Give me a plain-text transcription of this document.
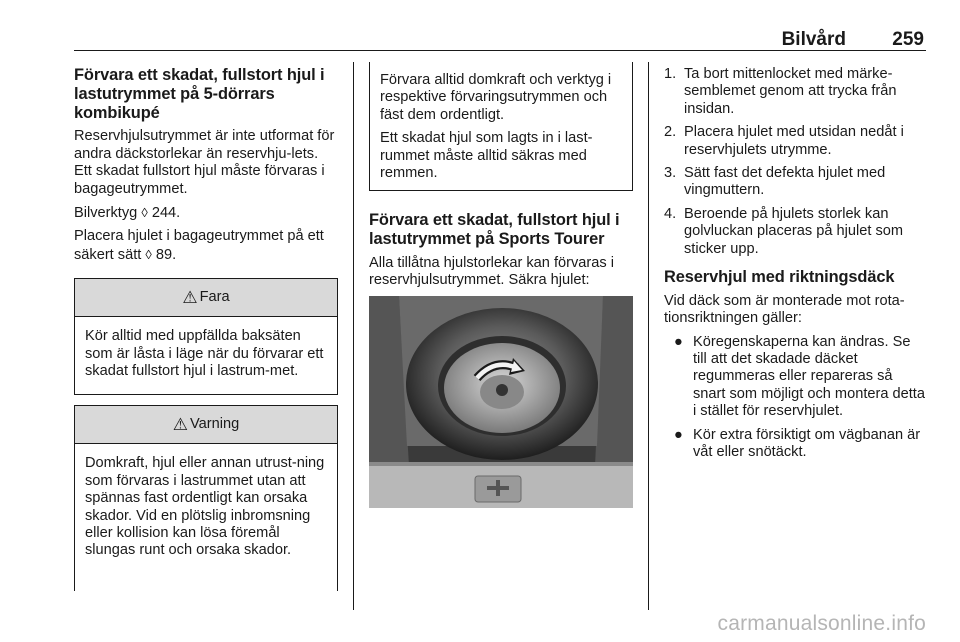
Bilvård 259
Förvara ett skadat, fullstort hjul i lastutrymmet på 5-dörrars kombikupé

Reservhjulsutrymmet är inte utformat för andra däckstorlekar än reservhju-lets. Ett skadat fullstort hjul måste förvaras i bagageutrymmet.

Bilverktyg ◊ 244.

Placera hjulet i bagageutrymmet på ett säkert sätt ◊ 89.

⚠ Fara
Kör alltid med uppfällda baksäten som är låsta i läge när du förvarar ett skadat fullstort hjul i lastrum-met.
⚠ Varning
Domkraft, hjul eller annan utrust-ning som förvaras i lastrummet utan att spännas fast ordentligt kan orsaka skador. Vid en plötslig inbromsning eller kollision kan lösa föremål slungas runt och orsaka skador.

Förvara alltid domkraft och verktyg i respektive förvaringsutrymmen och fäst dem ordentligt.

Ett skadat hjul som lagts in i last-rummet måste alltid säkras med remmen.

Förvara ett skadat, fullstort hjul i lastutrymmet på Sports Tourer

Alla tillåtna hjulstorlekar kan förvaras i reservhjulsutrymmet. Säkra hjulet:

1. Ta bort mittenlocket med märke-semblemet genom att trycka från insidan.
2. Placera hjulet med utsidan nedåt i reservhjulets utrymme.
3. Sätt fast det defekta hjulet med vingmuttern.
4. Beroende på hjulets storlek kan golvluckan placeras på hjulet som sticker upp.
Reservhjul med riktningsdäck

Vid däck som är monterade mot rota-tionsriktningen gäller:

● Köregenskaperna kan ändras. Se till att det skadade däcket regummeras eller repareras så snart som möjligt och montera detta i stället för reservhjulet.
● Kör extra försiktigt om vägbanan är våt eller snötäckt.
carmanualsonline.info
